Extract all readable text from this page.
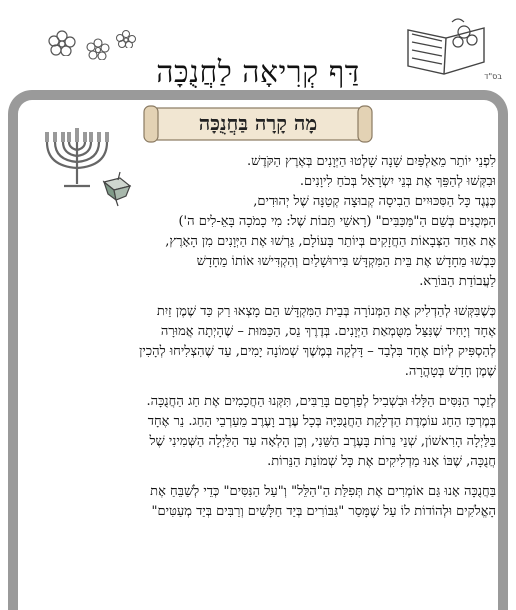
בס"ד
דַּף קְרִיאָה לַחֲנֻכָּה
מָה קָרָה בַּחֲנֻכָּה
לִפְנֵי יוֹתֵר מֵאַלְפַּיִם שָׁנָה שָׁלְטוּ הַיְּוָנִים בְּאֶרֶץ הַקֹּדֶשׁ.
וּבִקְּשׁוּ לְהַפֵּךְ אֶת בְּנֵי יִשְׂרָאֵל בְּכֹחַ לִיוָנִים.
כְּנֶגֶד כָּל הַסִּכּוּיִים הֵבִיסָה קְבוּצָה קְטַנָּה שֶׁל יְהוּדִים,
הַמְּכֻנִּים בְּשֵׁם הַ"מַּכַּבִּים" (רָאשֵׁי תֵּבוֹת שֶׁל: מִי כָמֹכָה בָּאֵ-לִים ה')
אֶת אַחַד הַצְּבָאוֹת הַחֲזָקִים בְּיוֹתֵר בָּעוֹלָם, גֵּרְשׁוּ אֶת הַיְּוָנִים מִן הָאָרֶץ,
כָּבְשׁוּ מֵחָדָשׁ אֶת בֵּית הַמִּקְדָּשׁ בִּירוּשָׁלַיִם וְהִקְדִּישׁוּ אוֹתוֹ מֵחָדָשׁ
לַעֲבוֹדַת הַבּוֹרֵא.
כְּשֶׁבִּקְּשׁוּ לְהַדְלִיק אֶת הַמְּנוֹרָה בְּבֵית הַמִּקְדָּשׁ הֵם מָצְאוּ רַק כַּד שֶׁמֶן זַיִת
אֶחָד וְיָחִיד שֶׁנִּצַּל מִטֻּמְאַת הַיְּוָנִים. בְּדֶרֶךְ נֵס, הַכַּמּוּת – שֶׁהָיְתָה אֲמוּרָה
לְהַסְפִּיק לְיוֹם אֶחָד בִּלְבַד – דָּלְקָה בְּמֶשֶׁךְ שְׁמוֹנָה יָמִים, עַד שֶׁהִצְלִיחוּ לְהָכִין
שֶׁמֶן חָדָשׁ בְּטָהֳרָה.
לְזֵכֶר הַנִּסִּים הַלָּלוּ וּבִשְׁבִיל לְפַרְסֵם בָּרַבִּים, תִּקְּנוּ הַחֲכָמִים אֶת חַג הַחֲנֻכָּה.
בְּמֶרְכַּז הַחַג עוֹמֶדֶת הַדְלָקַת הַחֲנֻכִּיָּה בְּכָל עֶרֶב וָעֶרֶב מֵעַרְבֵי הַחַג. נֵר אֶחָד
בַּלַּיְלָה הָרִאשׁוֹן, שְׁנֵי נֵרוֹת בָּעֶרֶב הַשֵּׁנִי, וְכֵן הָלְאָה עַד הַלַּיְלָה הַשְּׁמִינִי שֶׁל
חֲנֻכָּה, שֶׁבּוֹ אָנוּ מַדְלִיקִים אֶת כָּל שְׁמוֹנַת הַנֵּרוֹת.
בַּחֲנֻכָּה אָנוּ גַּם אוֹמְרִים אֶת תְּפִלַּת הַ"הַלֵּל" וְ"עַל הַנִּסִּים" כְּדֵי לְשַׁבֵּחַ אֶת
הָאֱלֹקִים וּלְהוֹדוֹת לוֹ עַל שֶׁמָּסַר "גִּבּוֹרִים בְּיַד חַלָּשִׁים וְרַבִּים בְּיַד מְעַטִּים"
